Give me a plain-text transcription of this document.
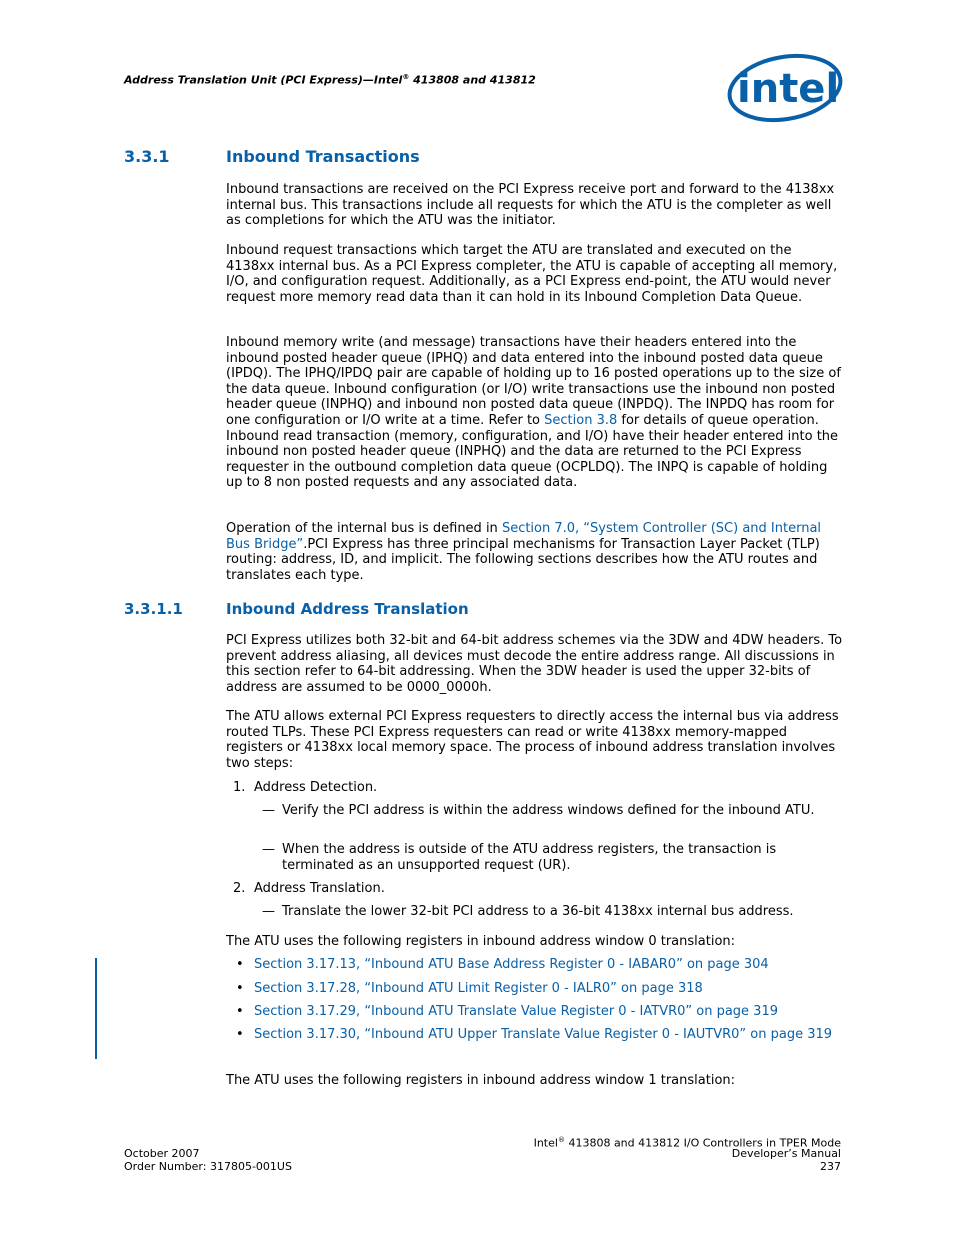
Address Translation Unit (PCI Express)—Intel® 413808 and 413812	intel
3.3.1	Inbound Transactions

Inbound transactions are received on the PCI Express receive port and forward to the 4138xx internal bus. This transactions include all requests for which the ATU is the completer as well as completions for which the ATU was the initiator.

Inbound request transactions which target the ATU are translated and executed on the 4138xx internal bus. As a PCI Express completer, the ATU is capable of accepting all memory, I/O, and configuration request. Additionally, as a PCI Express end-point, the ATU would never request more memory read data than it can hold in its Inbound Completion Data Queue.

Inbound memory write (and message) transactions have their headers entered into the inbound posted header queue (IPHQ) and data entered into the inbound posted data queue (IPDQ). The IPHQ/IPDQ pair are capable of holding up to 16 posted operations up to the size of the data queue. Inbound configuration (or I/O) write transactions use the inbound non posted header queue (INPHQ) and inbound non posted data queue (INPDQ). The INPDQ has room for one configuration or I/O write at a time. Refer to Section 3.8 for details of queue operation. Inbound read transaction (memory, configuration, and I/O) have their header entered into the inbound non posted header queue (INPHQ) and the data are returned to the PCI Express requester in the outbound completion data queue (OCPLDQ). The INPQ is capable of holding up to 8 non posted requests and any associated data.

Operation of the internal bus is defined in Section 7.0, “System Controller (SC) and Internal Bus Bridge”.PCI Express has three principal mechanisms for Transaction Layer Packet (TLP) routing: address, ID, and implicit. The following sections describes how the ATU routes and translates each type.

3.3.1.1	Inbound Address Translation

PCI Express utilizes both 32-bit and 64-bit address schemes via the 3DW and 4DW headers. To prevent address aliasing, all devices must decode the entire address range. All discussions in this section refer to 64-bit addressing. When the 3DW header is used the upper 32-bits of address are assumed to be 0000_0000h.

The ATU allows external PCI Express requesters to directly access the internal bus via address routed TLPs. These PCI Express requesters can read or write 4138xx memory-mapped registers or 4138xx local memory space. The process of inbound address translation involves two steps:

1. Address Detection.
— Verify the PCI address is within the address windows defined for the inbound ATU.
— When the address is outside of the ATU address registers, the transaction is terminated as an unsupported request (UR).
2. Address Translation.
— Translate the lower 32-bit PCI address to a 36-bit 4138xx internal bus address.

The ATU uses the following registers in inbound address window 0 translation:

• Section 3.17.13, “Inbound ATU Base Address Register 0 - IABAR0” on page 304
• Section 3.17.28, “Inbound ATU Limit Register 0 - IALR0” on page 318
• Section 3.17.29, “Inbound ATU Translate Value Register 0 - IATVR0” on page 319
• Section 3.17.30, “Inbound ATU Upper Translate Value Register 0 - IAUTVR0” on page 319

The ATU uses the following registers in inbound address window 1 translation:

October 2007
Order Number: 317805-001US
Intel® 413808 and 413812 I/O Controllers in TPER Mode
Developer’s Manual
237
